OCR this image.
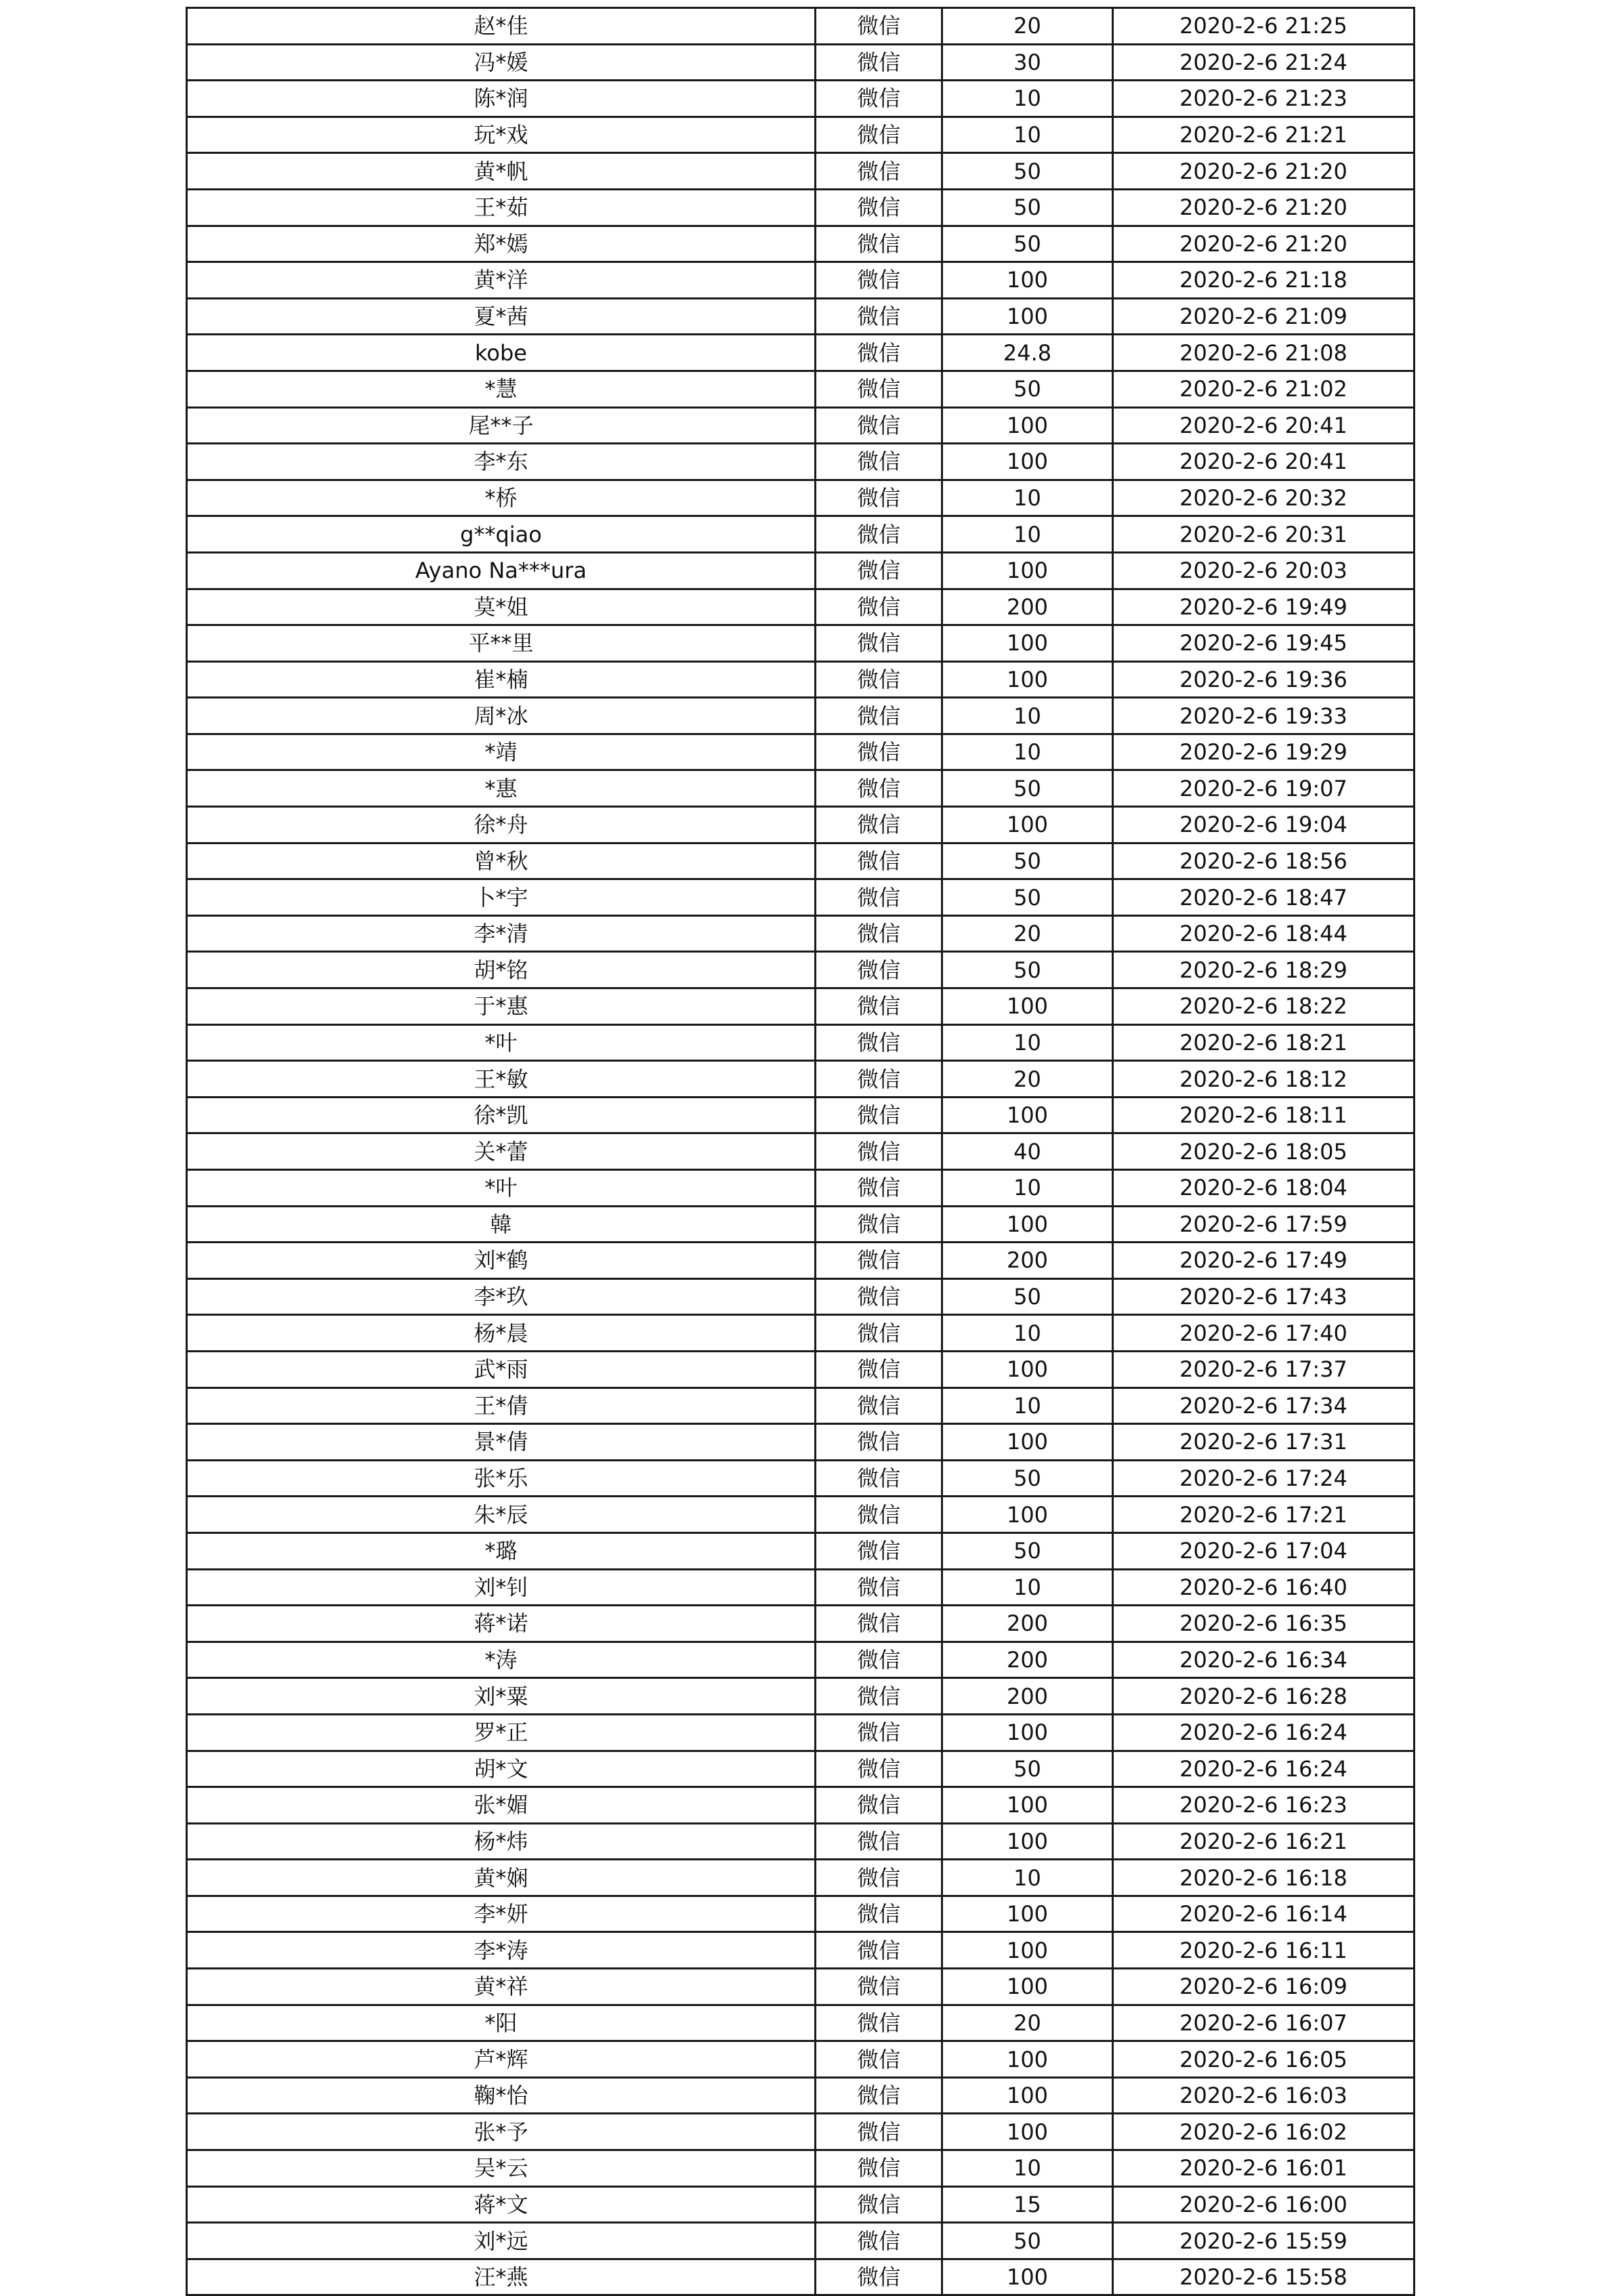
赵*佳	微信	20	2020-2-6 21:25
冯*媛	微信	30	2020-2-6 21:24
陈*润	微信	10	2020-2-6 21:23
玩*戏	微信	10	2020-2-6 21:21
黄*帆	微信	50	2020-2-6 21:20
王*茹	微信	50	2020-2-6 21:20
郑*嫣	微信	50	2020-2-6 21:20
黄*洋	微信	100	2020-2-6 21:18
夏*茜	微信	100	2020-2-6 21:09
kobe	微信	24.8	2020-2-6 21:08
*慧	微信	50	2020-2-6 21:02
尾**子	微信	100	2020-2-6 20:41
李*东	微信	100	2020-2-6 20:41
*桥	微信	10	2020-2-6 20:32
g**qiao	微信	10	2020-2-6 20:31
Ayano Na***ura	微信	100	2020-2-6 20:03
莫*姐	微信	200	2020-2-6 19:49
平**里	微信	100	2020-2-6 19:45
崔*楠	微信	100	2020-2-6 19:36
周*冰	微信	10	2020-2-6 19:33
*靖	微信	10	2020-2-6 19:29
*惠	微信	50	2020-2-6 19:07
徐*舟	微信	100	2020-2-6 19:04
曾*秋	微信	50	2020-2-6 18:56
卜*宇	微信	50	2020-2-6 18:47
李*清	微信	20	2020-2-6 18:44
胡*铭	微信	50	2020-2-6 18:29
于*惠	微信	100	2020-2-6 18:22
*叶	微信	10	2020-2-6 18:21
王*敏	微信	20	2020-2-6 18:12
徐*凯	微信	100	2020-2-6 18:11
关*蕾	微信	40	2020-2-6 18:05
*叶	微信	10	2020-2-6 18:04
韓	微信	100	2020-2-6 17:59
刘*鹤	微信	200	2020-2-6 17:49
李*玖	微信	50	2020-2-6 17:43
杨*晨	微信	10	2020-2-6 17:40
武*雨	微信	100	2020-2-6 17:37
王*倩	微信	10	2020-2-6 17:34
景*倩	微信	100	2020-2-6 17:31
张*乐	微信	50	2020-2-6 17:24
朱*辰	微信	100	2020-2-6 17:21
*璐	微信	50	2020-2-6 17:04
刘*钊	微信	10	2020-2-6 16:40
蒋*诺	微信	200	2020-2-6 16:35
*涛	微信	200	2020-2-6 16:34
刘*粟	微信	200	2020-2-6 16:28
罗*正	微信	100	2020-2-6 16:24
胡*文	微信	50	2020-2-6 16:24
张*媚	微信	100	2020-2-6 16:23
杨*炜	微信	100	2020-2-6 16:21
黄*娴	微信	10	2020-2-6 16:18
李*妍	微信	100	2020-2-6 16:14
李*涛	微信	100	2020-2-6 16:11
黄*祥	微信	100	2020-2-6 16:09
*阳	微信	20	2020-2-6 16:07
芦*辉	微信	100	2020-2-6 16:05
鞠*怡	微信	100	2020-2-6 16:03
张*予	微信	100	2020-2-6 16:02
吴*云	微信	10	2020-2-6 16:01
蒋*文	微信	15	2020-2-6 16:00
刘*远	微信	50	2020-2-6 15:59
汪*燕	微信	100	2020-2-6 15:58
